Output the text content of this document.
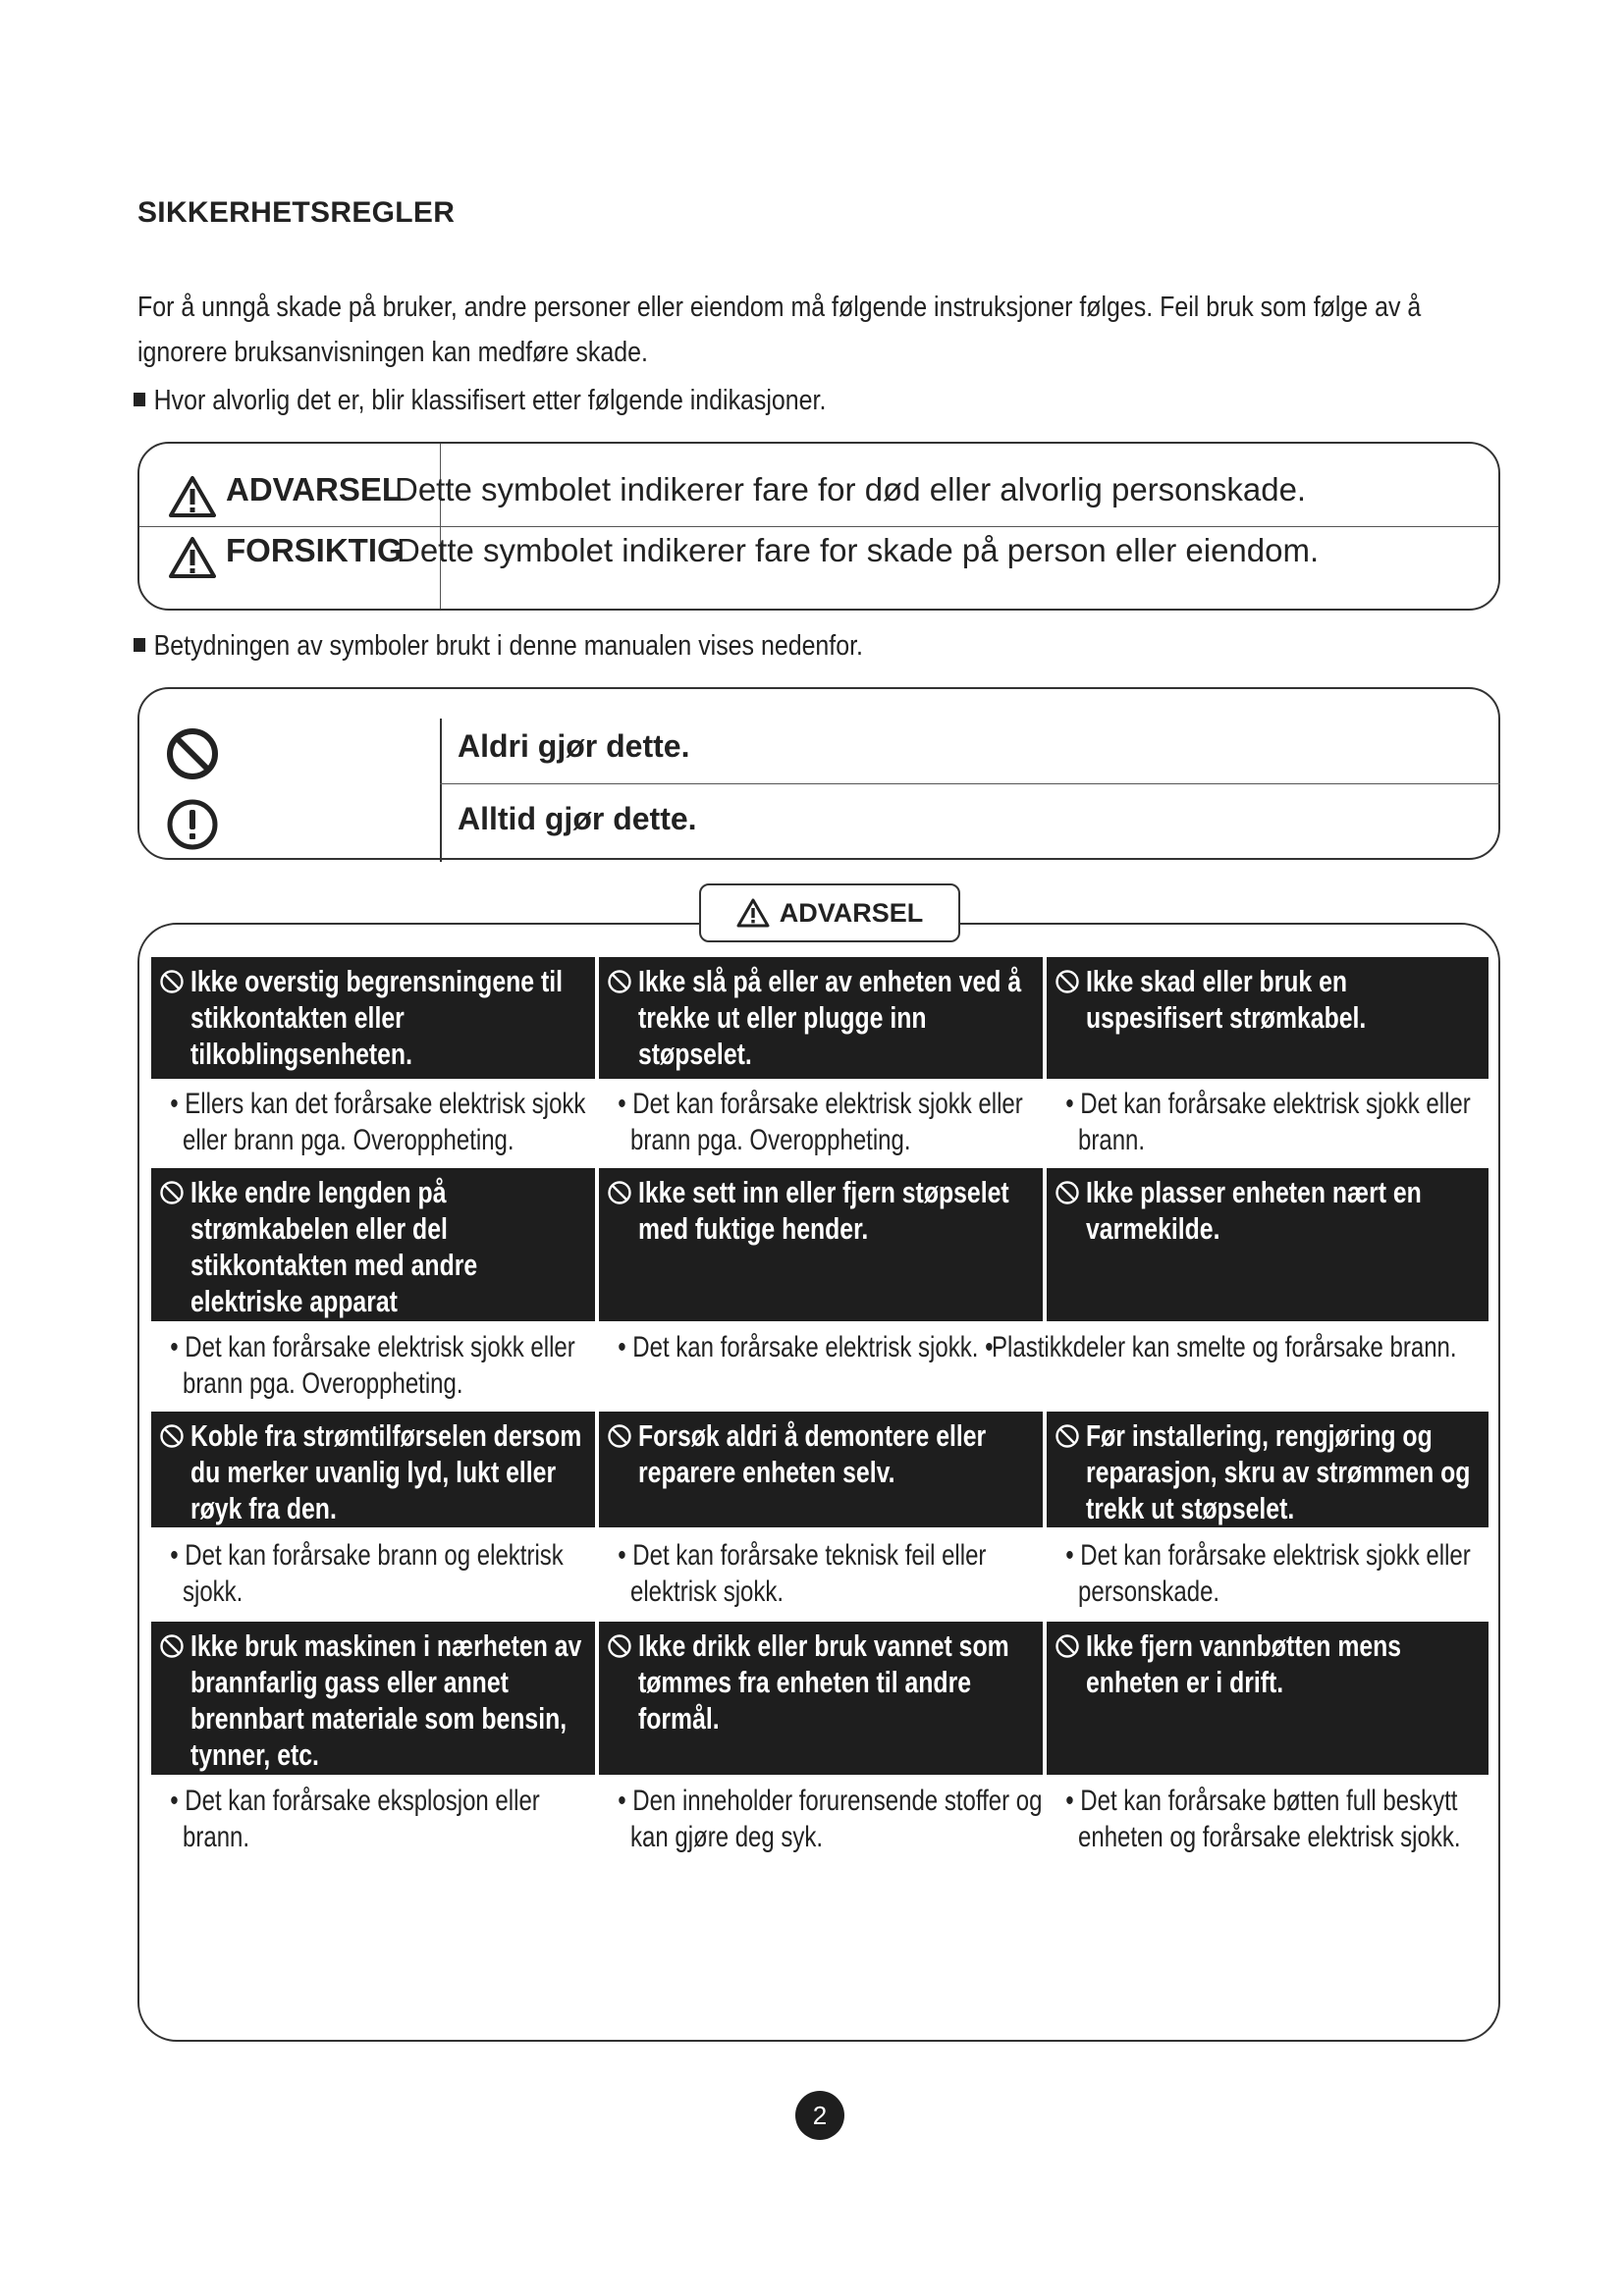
SIKKERHETSREGLER
For å unngå skade på bruker, andre personer eller eiendom må følgende instruksjoner følges. Feil bruk som følge av å ignorere bruksanvisningen kan medføre skade.
Hvor alvorlig det er, blir klassifisert etter følgende indikasjoner.
ADVARSEL
Dette symbolet indikerer fare for død eller alvorlig personskade.
FORSIKTIG
Dette symbolet indikerer fare for skade på person eller eiendom.
Betydningen av symboler brukt i denne manualen vises nedenfor.
Aldri gjør dette.
Alltid gjør dette.
ADVARSEL
Ikke overstig begrensningene til stikkontakten eller tilkoblingsenheten.
Ikke slå på eller av enheten ved å trekke ut eller plugge inn støpselet.
Ikke skad eller bruk en uspesifisert strømkabel.
• Ellers kan det forårsake elektrisk sjokk eller brann pga. Overoppheting.
• Det kan forårsake elektrisk sjokk eller brann pga. Overoppheting.
• Det kan forårsake elektrisk sjokk eller brann.
Ikke endre lengden på strømkabelen eller del stikkontakten med andre elektriske apparat
Ikke sett inn eller fjern støpselet med fuktige hender.
Ikke plasser enheten nært en varmekilde.
• Det kan forårsake elektrisk sjokk eller brann pga. Overoppheting.
• Det kan forårsake elektrisk sjokk. •
Plastikkdeler kan smelte og forårsake brann.
Koble fra strømtilførselen dersom du merker uvanlig lyd, lukt eller røyk fra den.
Forsøk aldri å demontere eller reparere enheten selv.
Før installering, rengjøring og reparasjon, skru av strømmen og trekk ut støpselet.
• Det kan forårsake brann og elektrisk sjokk.
• Det kan forårsake teknisk feil eller elektrisk sjokk.
• Det kan forårsake elektrisk sjokk eller personskade.
Ikke bruk maskinen i nærheten av brannfarlig gass eller annet brennbart materiale som bensin, tynner, etc.
Ikke drikk eller bruk vannet som tømmes fra enheten til andre formål.
Ikke fjern vannbøtten mens enheten er i drift.
• Det kan forårsake eksplosjon eller brann.
• Den inneholder forurensende stoffer og kan gjøre deg syk.
• Det kan forårsake bøtten full beskytt enheten og forårsake elektrisk sjokk.
2
